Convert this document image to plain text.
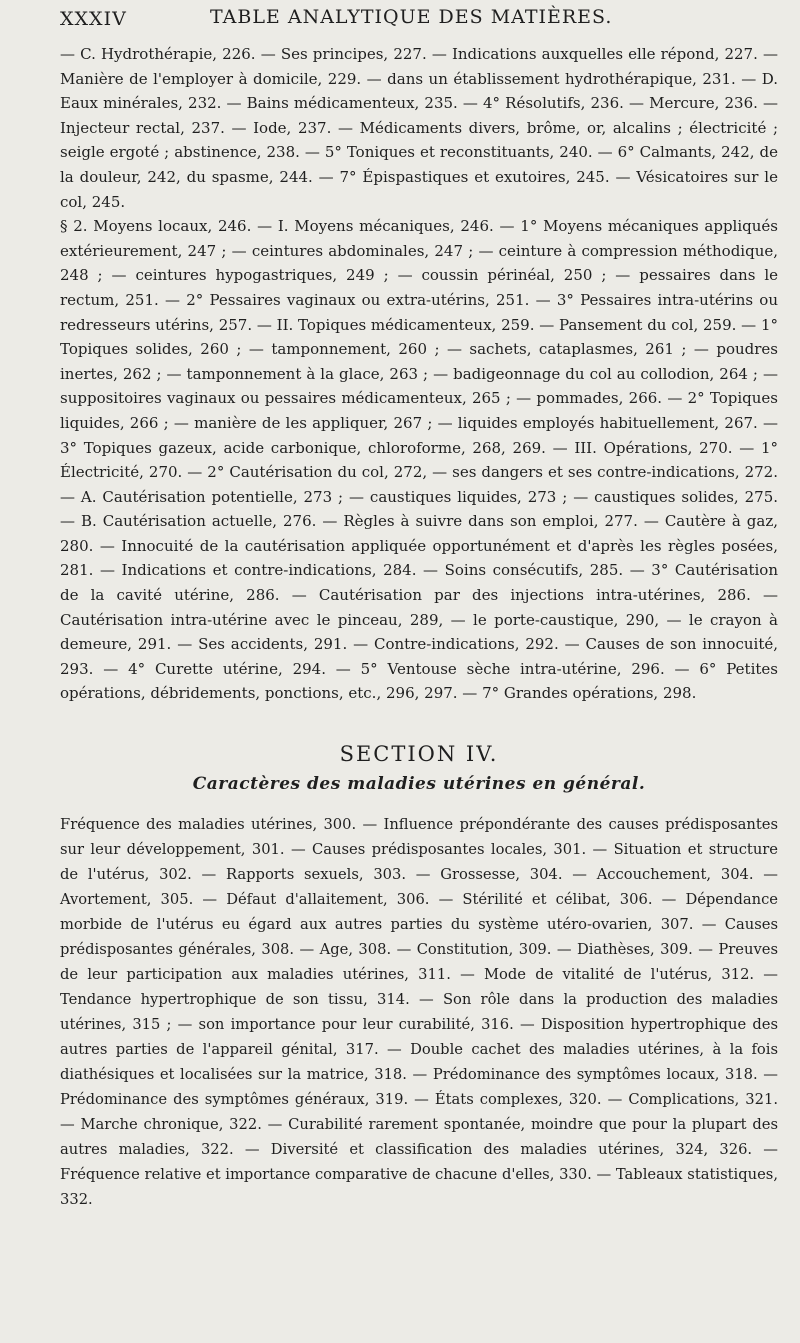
XXXIV	TABLE ANALYTIQUE DES MATIÈRES.

— C. Hydrothérapie, 226. — Ses principes, 227. — Indications auxquelles elle répond, 227. — Manière de l'employer à domicile, 229. — dans un établissement hydrothérapique, 231. — D. Eaux minérales, 232. — Bains médicamenteux, 235. — 4° Résolutifs, 236. — Mercure, 236. — Injecteur rectal, 237. — Iode, 237. — Médicaments divers, brôme, or, alcalins ; électricité ; seigle ergoté ; abstinence, 238. — 5° Toniques et reconstituants, 240. — 6° Calmants, 242, de la douleur, 242, du spasme, 244. — 7° Épispastiques et exutoires, 245. — Vésicatoires sur le col, 245.

§ 2. Moyens locaux, 246. — I. Moyens mécaniques, 246. — 1° Moyens mécaniques appliqués extérieurement, 247 ; — ceintures abdominales, 247 ; — ceinture à compression méthodique, 248 ; — ceintures hypogastriques, 249 ; — coussin périnéal, 250 ; — pessaires dans le rectum, 251. — 2° Pessaires vaginaux ou extra-utérins, 251. — 3° Pessaires intra-utérins ou redresseurs utérins, 257. — II. Topiques médicamenteux, 259. — Pansement du col, 259. — 1° Topiques solides, 260 ; — tamponnement, 260 ; — sachets, cataplasmes, 261 ; — poudres inertes, 262 ; — tamponnement à la glace, 263 ; — badigeonnage du col au collodion, 264 ; — suppositoires vaginaux ou pessaires médicamenteux, 265 ; — pommades, 266. — 2° Topiques liquides, 266 ; — manière de les appliquer, 267 ; — liquides employés habituellement, 267. — 3° Topiques gazeux, acide carbonique, chloroforme, 268, 269. — III. Opérations, 270. — 1° Électricité, 270. — 2° Cautérisation du col, 272, — ses dangers et ses contre-indications, 272. — A. Cautérisation potentielle, 273 ; — caustiques liquides, 273 ; — caustiques solides, 275. — B. Cautérisation actuelle, 276. — Règles à suivre dans son emploi, 277. — Cautère à gaz, 280. — Innocuité de la cautérisation appliquée opportunément et d'après les règles posées, 281. — Indications et contre-indications, 284. — Soins consécutifs, 285. — 3° Cautérisation de la cavité utérine, 286. — Cautérisation par des injections intra-utérines, 286. — Cautérisation intra-utérine avec le pinceau, 289, — le porte-caustique, 290, — le crayon à demeure, 291. — Ses accidents, 291. — Contre-indications, 292. — Causes de son innocuité, 293. — 4° Curette utérine, 294. — 5° Ventouse sèche intra-utérine, 296. — 6° Petites opérations, débridements, ponctions, etc., 296, 297. — 7° Grandes opérations, 298.

SECTION IV.
Caractères des maladies utérines en général.

Fréquence des maladies utérines, 300. — Influence prépondérante des causes prédisposantes sur leur développement, 301. — Causes prédisposantes locales, 301. — Situation et structure de l'utérus, 302. — Rapports sexuels, 303. — Grossesse, 304. — Accouchement, 304. — Avortement, 305. — Défaut d'allaitement, 306. — Stérilité et célibat, 306. — Dépendance morbide de l'utérus eu égard aux autres parties du système utéro-ovarien, 307. — Causes prédisposantes générales, 308. — Age, 308. — Constitution, 309. — Diathèses, 309. — Preuves de leur participation aux maladies utérines, 311. — Mode de vitalité de l'utérus, 312. — Tendance hypertrophique de son tissu, 314. — Son rôle dans la production des maladies utérines, 315 ; — son importance pour leur curabilité, 316. — Disposition hypertrophique des autres parties de l'appareil génital, 317. — Double cachet des maladies utérines, à la fois diathésiques et localisées sur la matrice, 318. — Prédominance des symptômes locaux, 318. — Prédominance des symptômes généraux, 319. — États complexes, 320. — Complications, 321. — Marche chronique, 322. — Curabilité rarement spontanée, moindre que pour la plupart des autres maladies, 322. — Diversité et classification des maladies utérines, 324, 326. — Fréquence relative et importance comparative de chacune d'elles, 330. — Tableaux statistiques, 332.
